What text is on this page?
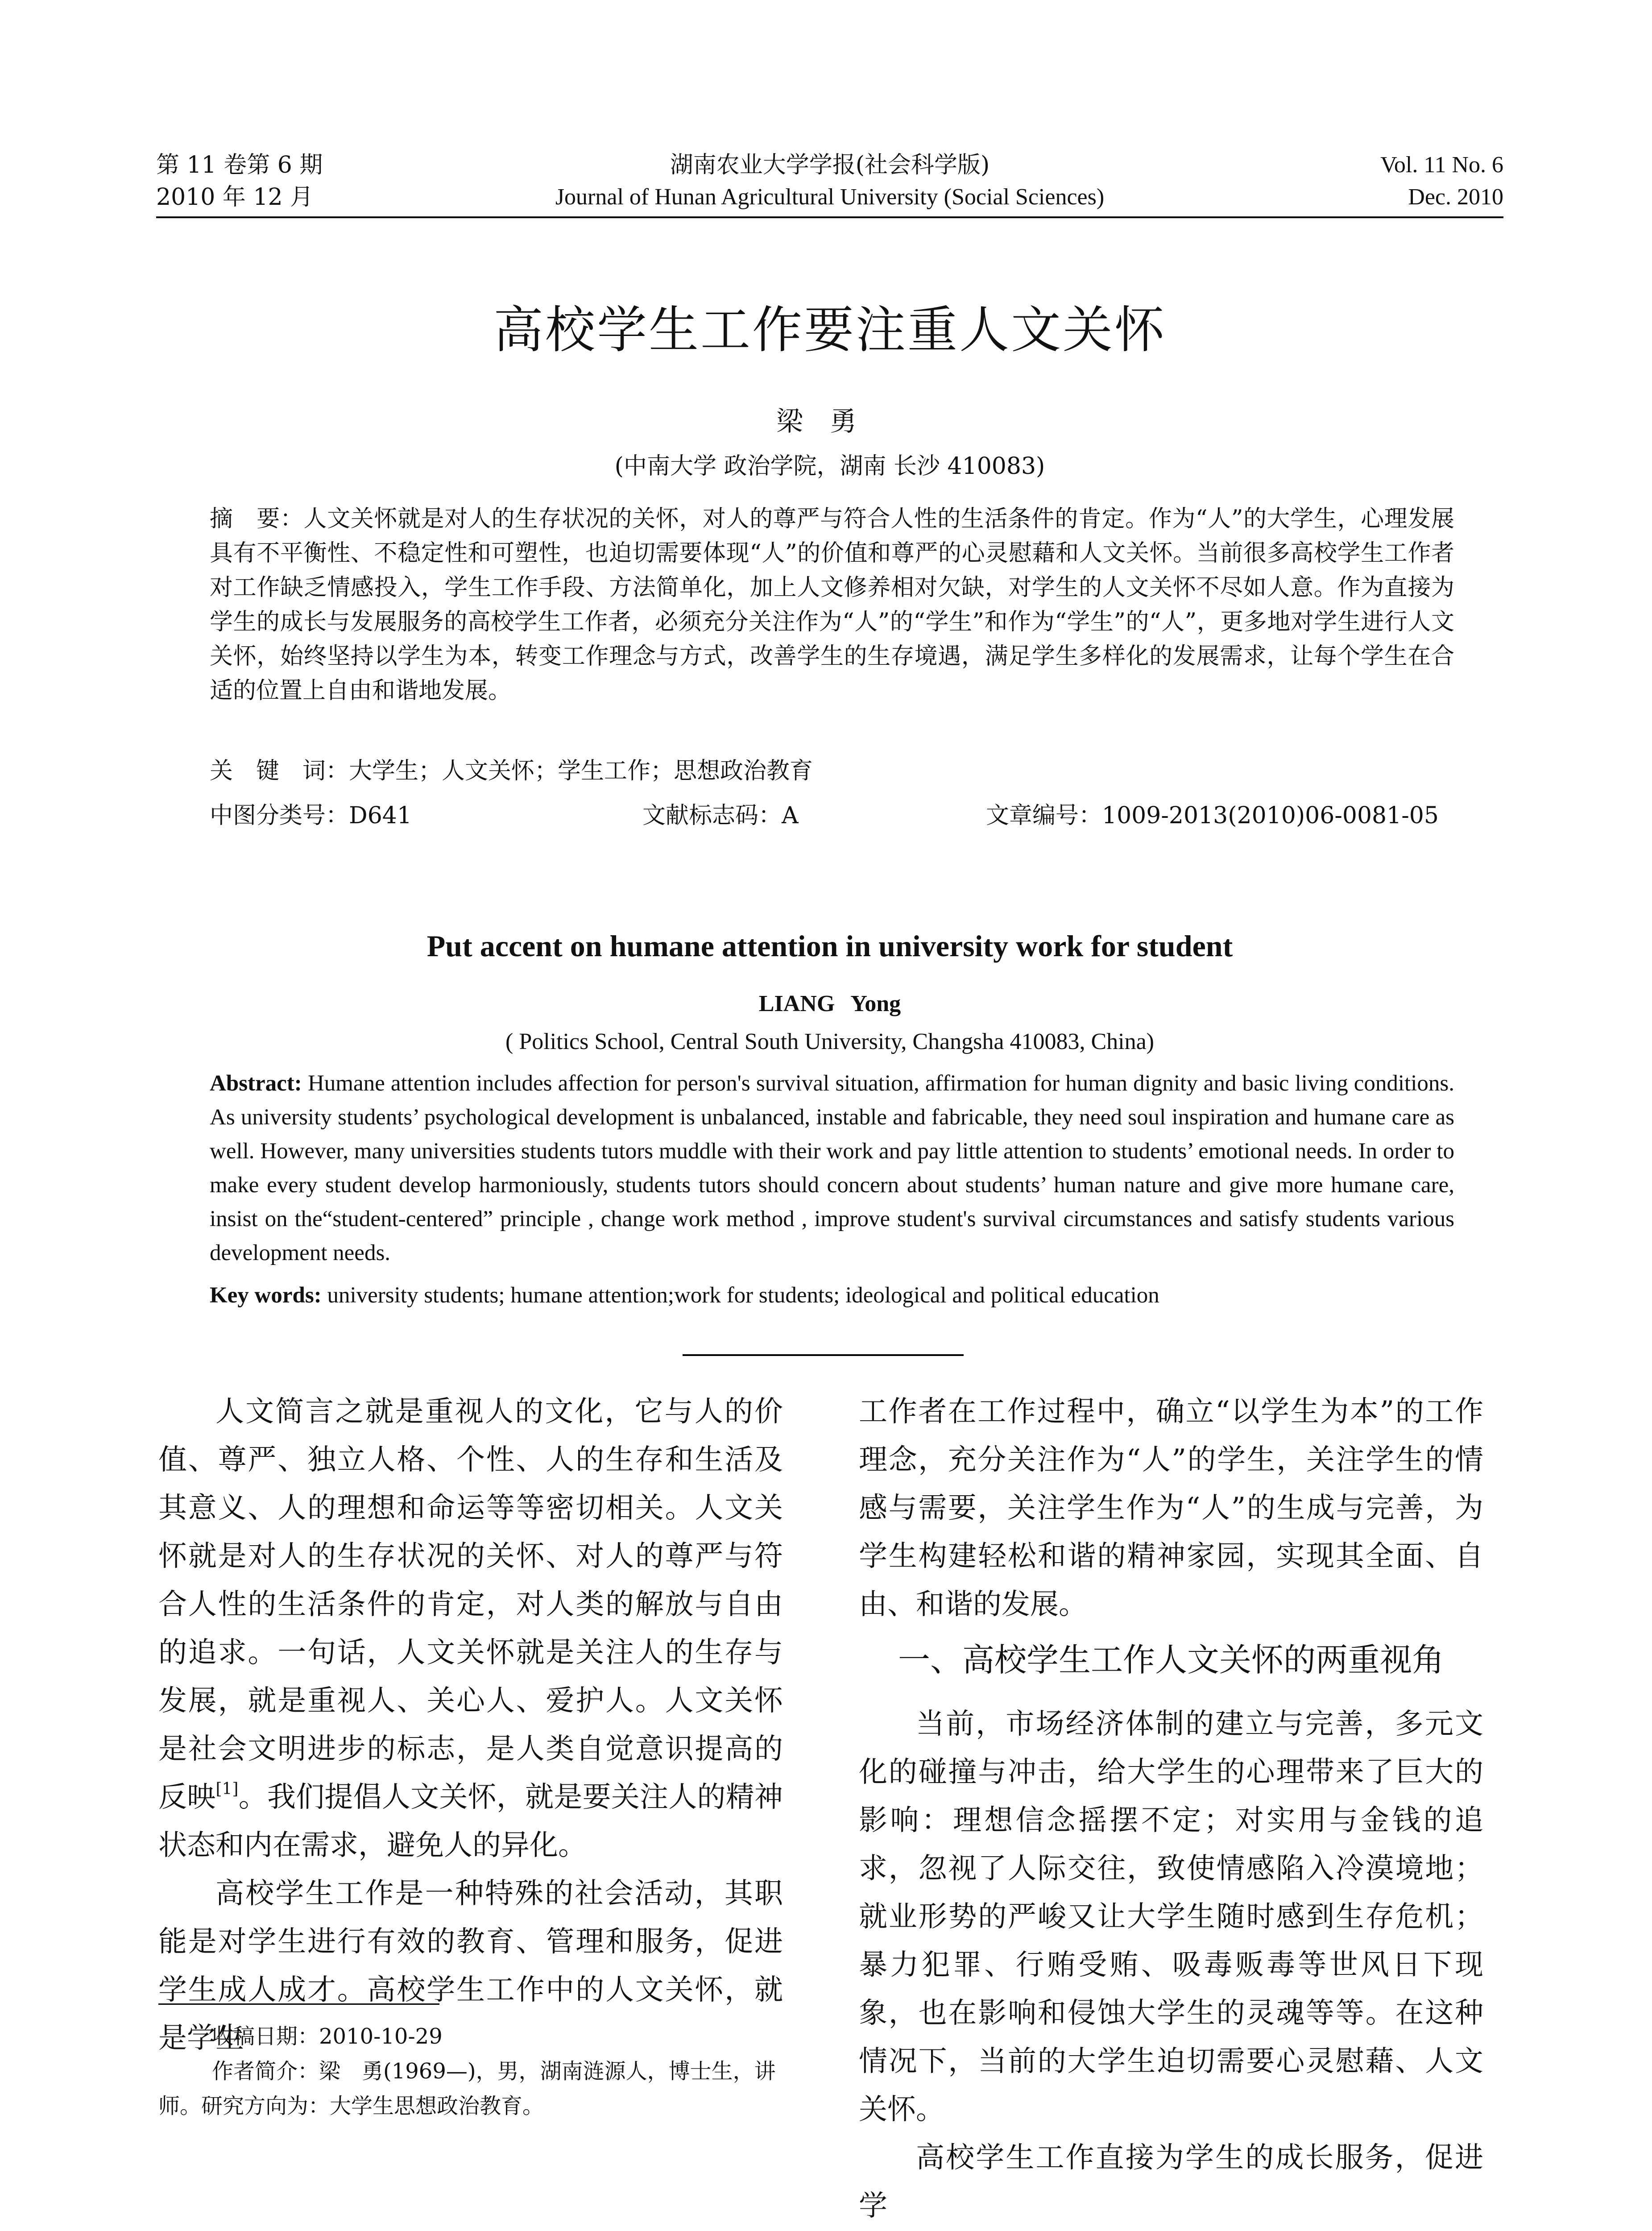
第 11 卷第 6 期	湖南农业大学学报(社会科学版)	Vol. 11 No. 6
2010 年 12 月	Journal of Hunan Agricultural University (Social Sciences)	Dec. 2010
高校学生工作要注重人文关怀
梁勇
(中南大学 政治学院，湖南 长沙 410083)
摘　要：人文关怀就是对人的生存状况的关怀，对人的尊严与符合人性的生活条件的肯定。作为“人”的大学生，心理发展具有不平衡性、不稳定性和可塑性，也迫切需要体现“人”的价值和尊严的心灵慰藉和人文关怀。当前很多高校学生工作者对工作缺乏情感投入，学生工作手段、方法简单化，加上人文修养相对欠缺，对学生的人文关怀不尽如人意。作为直接为学生的成长与发展服务的高校学生工作者，必须充分关注作为“人”的“学生”和作为“学生”的“人”，更多地对学生进行人文关怀，始终坚持以学生为本，转变工作理念与方式，改善学生的生存境遇，满足学生多样化的发展需求，让每个学生在合适的位置上自由和谐地发展。
关　键　词：大学生；人文关怀；学生工作；思想政治教育
中图分类号：D641	文献标志码：A	文章编号：1009-2013(2010)06-0081-05
Put accent on humane attention in university work for student
LIANG Yong
( Politics School, Central South University, Changsha 410083, China)
Abstract: Humane attention includes affection for person's survival situation, affirmation for human dignity and basic living conditions. As university students’ psychological development is unbalanced, instable and fabricable, they need soul inspiration and humane care as well. However, many universities students tutors muddle with their work and pay little attention to students’ emotional needs. In order to make every student develop harmoniously, students tutors should concern about students’ human nature and give more humane care, insist on the“student-centered” principle , change work method , improve student's survival circumstances and satisfy students various development needs.
Key words: university students; humane attention;work for students; ideological and political education

人文简言之就是重视人的文化，它与人的价值、尊严、独立人格、个性、人的生存和生活及其意义、人的理想和命运等等密切相关。人文关怀就是对人的生存状况的关怀、对人的尊严与符合人性的生活条件的肯定，对人类的解放与自由的追求。一句话，人文关怀就是关注人的生存与发展，就是重视人、关心人、爱护人。人文关怀是社会文明进步的标志，是人类自觉意识提高的反映[1]。我们提倡人文关怀，就是要关注人的精神状态和内在需求，避免人的异化。

高校学生工作是一种特殊的社会活动，其职能是对学生进行有效的教育、管理和服务，促进学生成人成才。高校学生工作中的人文关怀，就是学生

工作者在工作过程中，确立“以学生为本”的工作理念，充分关注作为“人”的学生，关注学生的情感与需要，关注学生作为“人”的生成与完善，为学生构建轻松和谐的精神家园，实现其全面、自由、和谐的发展。

一、高校学生工作人文关怀的两重视角

当前，市场经济体制的建立与完善，多元文化的碰撞与冲击，给大学生的心理带来了巨大的影响：理想信念摇摆不定；对实用与金钱的追求，忽视了人际交往，致使情感陷入冷漠境地；就业形势的严峻又让大学生随时感到生存危机；暴力犯罪、行贿受贿、吸毒贩毒等世风日下现象，也在影响和侵蚀大学生的灵魂等等。在这种情况下，当前的大学生迫切需要心灵慰藉、人文关怀。

高校学生工作直接为学生的成长服务，促进学

收稿日期：2010-10-29

作者简介：梁　勇(1969—)，男，湖南涟源人，博士生，讲师。研究方向为：大学生思想政治教育。
